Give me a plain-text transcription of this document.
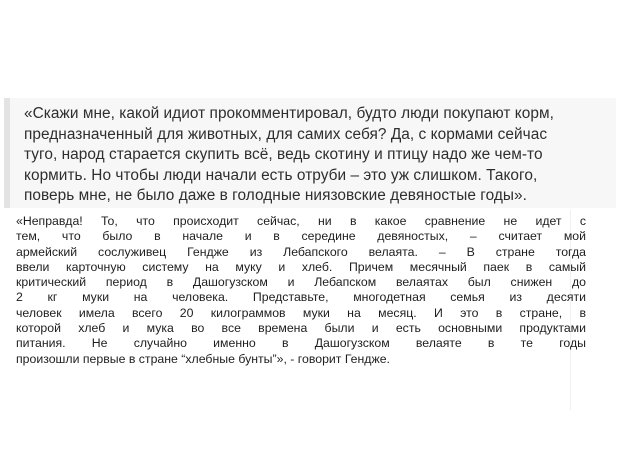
«Скажи мне, какой идиот прокомментировал, будто люди покупают корм,
предназначенный для животных, для самих себя? Да, с кормами сейчас
туго, народ старается скупить всё, ведь скотину и птицу надо же чем-то
кормить. Но чтобы люди начали есть отруби – это уж слишком. Такого,
поверь мне, не было даже в голодные ниязовские девяностые годы».

«Неправда! То, что происходит сейчас, ни в какое сравнение не идет с
тем, что было в начале и в середине девяностых, – считает мой
армейский сослуживец Гендже из Лебапского велаята. – В стране тогда
ввели карточную систему на муку и хлеб. Причем месячный паек в самый
критический период в Дашогузском и Лебапском велаятах был снижен до
2 кг муки на человека. Представьте, многодетная семья из десяти
человек имела всего 20 килограммов муки на месяц. И это в стране, в
которой хлеб и мука во все времена были и есть основными продуктами
питания. Не случайно именно в Дашогузском велаяте в те годы
произошли первые в стране “хлебные бунты”», - говорит Гендже.
